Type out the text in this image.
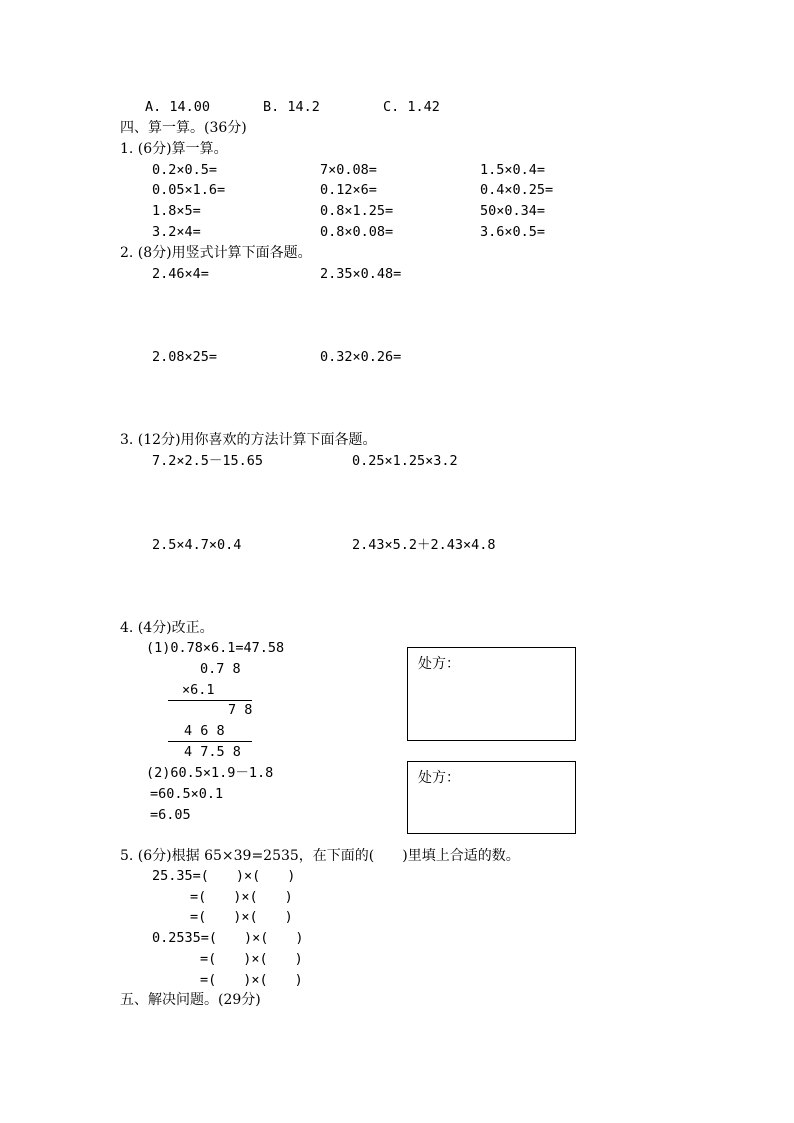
A. 14.00	B. 14.2	C. 1.42
四、算一算。(36分)
1. (6分)算一算。
0.2×0.5=	7×0.08=	1.5×0.4=
0.05×1.6=	0.12×6=	0.4×0.25=
1.8×5=	0.8×1.25=	50×0.34=
3.2×4=	0.8×0.08=	3.6×0.5=
2. (8分)用竖式计算下面各题。
2.46×4=	2.35×0.48=
2.08×25=	0.32×0.26=
3. (12分)用你喜欢的方法计算下面各题。
7.2×2.5－15.65	0.25×1.25×3.2
2.5×4.7×0.4	2.43×5.2＋2.43×4.8
4. (4分)改正。
(1)0.78×6.1=47.58
0.7 8
×6.1
7 8
4 6 8
4 7.5 8
处方：
(2)60.5×1.9－1.8
=60.5×0.1
=6.05
处方：
5. (6分)根据 65×39=2535，在下面的(　　)里填上合适的数。
25.35=(　　)×(　　)
=(　　)×(　　)
=(　　)×(　　)
0.2535=(　　)×(　　)
=(　　)×(　　)
=(　　)×(　　)
五、解决问题。(29分)
